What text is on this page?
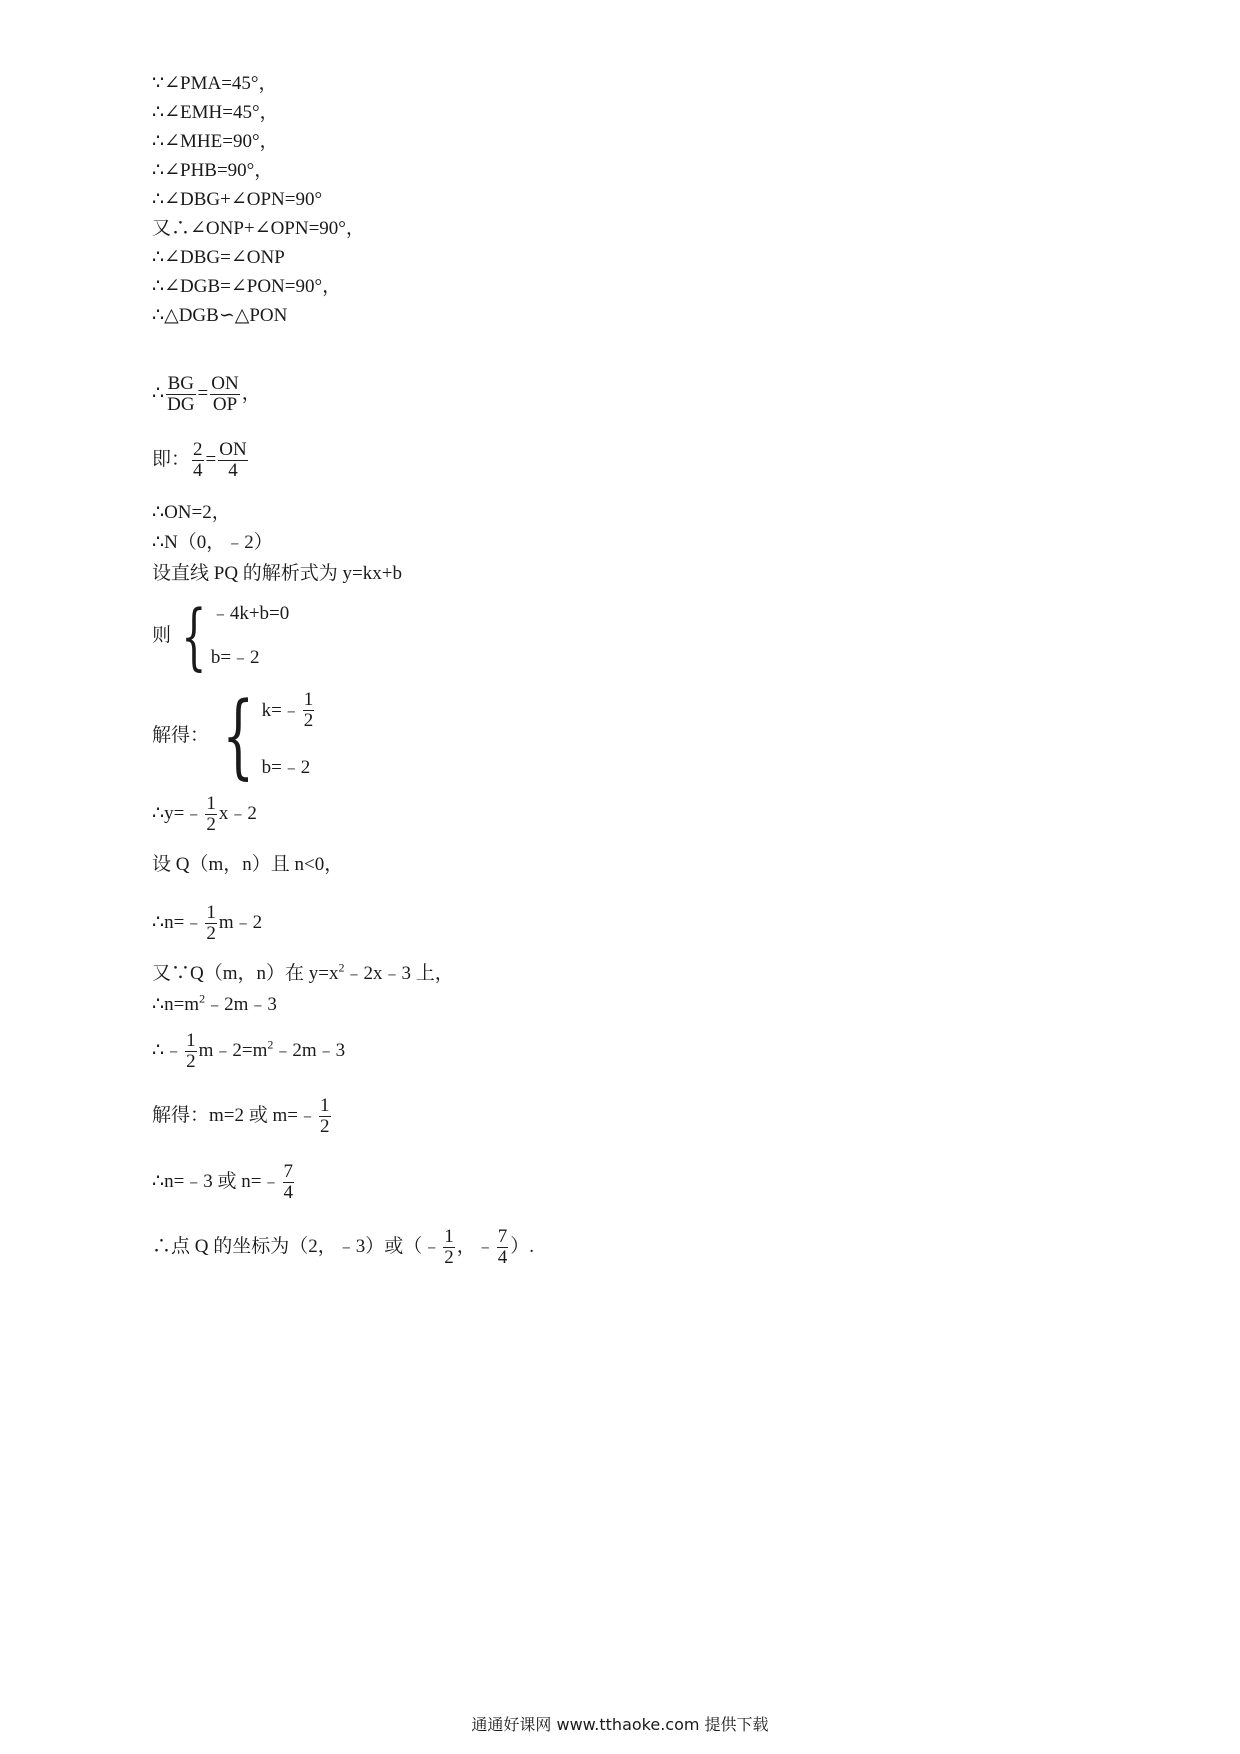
∵∠PMA=45°，
∴∠EMH=45°，
∴∠MHE=90°，
∴∠PHB=90°，
∴∠DBG+∠OPN=90°
又∴∠ONP+∠OPN=90°，
∴∠DBG=∠ONP
∴∠DGB=∠PON=90°，
∴△DGB∽△PON
∴ $\frac{BG}{DG} = \frac{ON}{OP}$ ，
即： $\frac{2}{4} = \frac{ON}{4}$
∴ON=2，
∴N（0，﹣2）
设直线 PQ 的解析式为 y=kx+b
则 { ﹣4k+b=0
b=﹣2
解得： { k=﹣ $\frac{1}{2}$
b=﹣2
∴y=﹣ $\frac{1}{2}$ x﹣2
设 Q（m，n）且 n<0，
∴n=﹣ $\frac{1}{2}$ m﹣2
又∵Q（m，n）在 $y=x^2﹣2x﹣3$ 上，
$\therefore n=m^2﹣2m﹣3$
∴﹣ $\frac{1}{2}$ $m﹣2=m^2﹣2m﹣3$
解得：m=2 或 m=﹣ $\frac{1}{2}$
∴n=﹣3 或 n=﹣ $\frac{7}{4}$
∴点 Q 的坐标为（2，﹣3）或（﹣ $\frac{1}{2}$ ，﹣ $\frac{7}{4}$ ）.
通通好课网 www.tthaoke.com 提供下载
